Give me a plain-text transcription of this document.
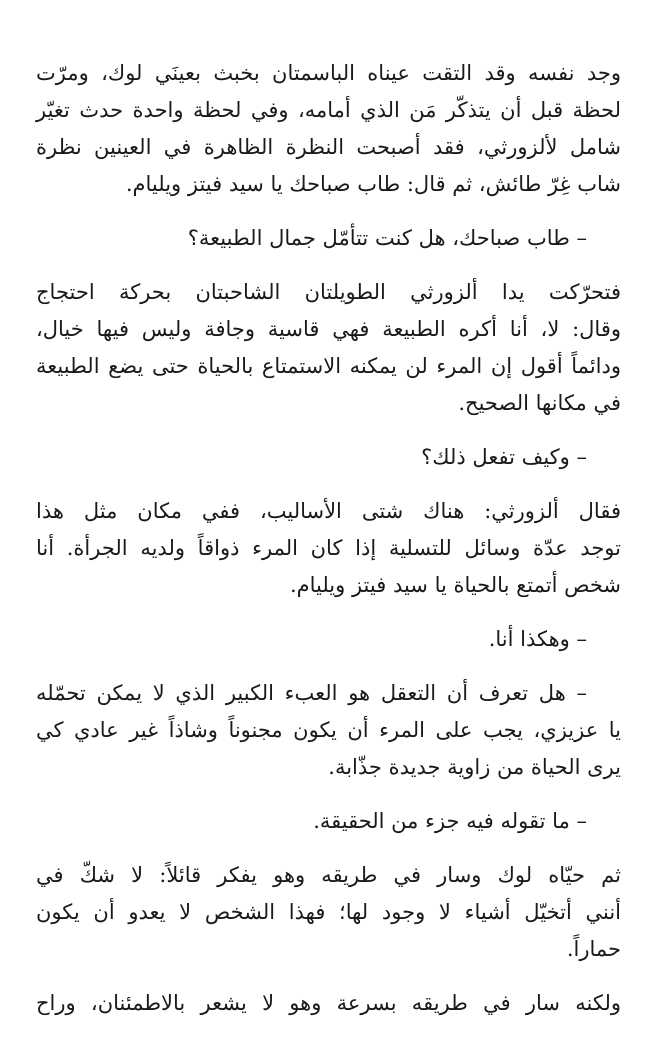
وجد نفسه وقد التقت عيناه الباسمتان بخبث بعينَي لوك، ومرّت
لحظة قبل أن يتذكّر مَن الذي أمامه، وفي لحظة واحدة حدث تغيّر
شامل لألزورثي، فقد أصبحت النظرة الظاهرة في العينين نظرة
شاب غِرّ طائش، ثم قال: طاب صباحك يا سيد فيتز ويليام.

– طاب صباحك، هل كنت تتأمّل جمال الطبيعة؟

فتحرّكت يدا ألزورثي الطويلتان الشاحبتان بحركة احتجاج
وقال: لا، أنا أكره الطبيعة فهي قاسية وجافة وليس فيها خيال،
ودائماً أقول إن المرء لن يمكنه الاستمتاع بالحياة حتى يضع الطبيعة
في مكانها الصحيح.

– وكيف تفعل ذلك؟

فقال ألزورثي: هناك شتى الأساليب، ففي مكان مثل هذا
توجد عدّة وسائل للتسلية إذا كان المرء ذواقاً ولديه الجرأة. أنا
شخص أتمتع بالحياة يا سيد فيتز ويليام.

– وهكذا أنا.

– هل تعرف أن التعقل هو العبء الكبير الذي لا يمكن تحمّله
يا عزيزي، يجب على المرء أن يكون مجنوناً وشاذاً غير عادي كي
يرى الحياة من زاوية جديدة جذّابة.

– ما تقوله فيه جزء من الحقيقة.

ثم حيّاه لوك وسار في طريقه وهو يفكر قائلاً: لا شكّ في
أنني أتخيّل أشياء لا وجود لها؛ فهذا الشخص لا يعدو أن يكون
حماراً.

ولكنه سار في طريقه بسرعة وهو لا يشعر بالاطمئنان، وراح
